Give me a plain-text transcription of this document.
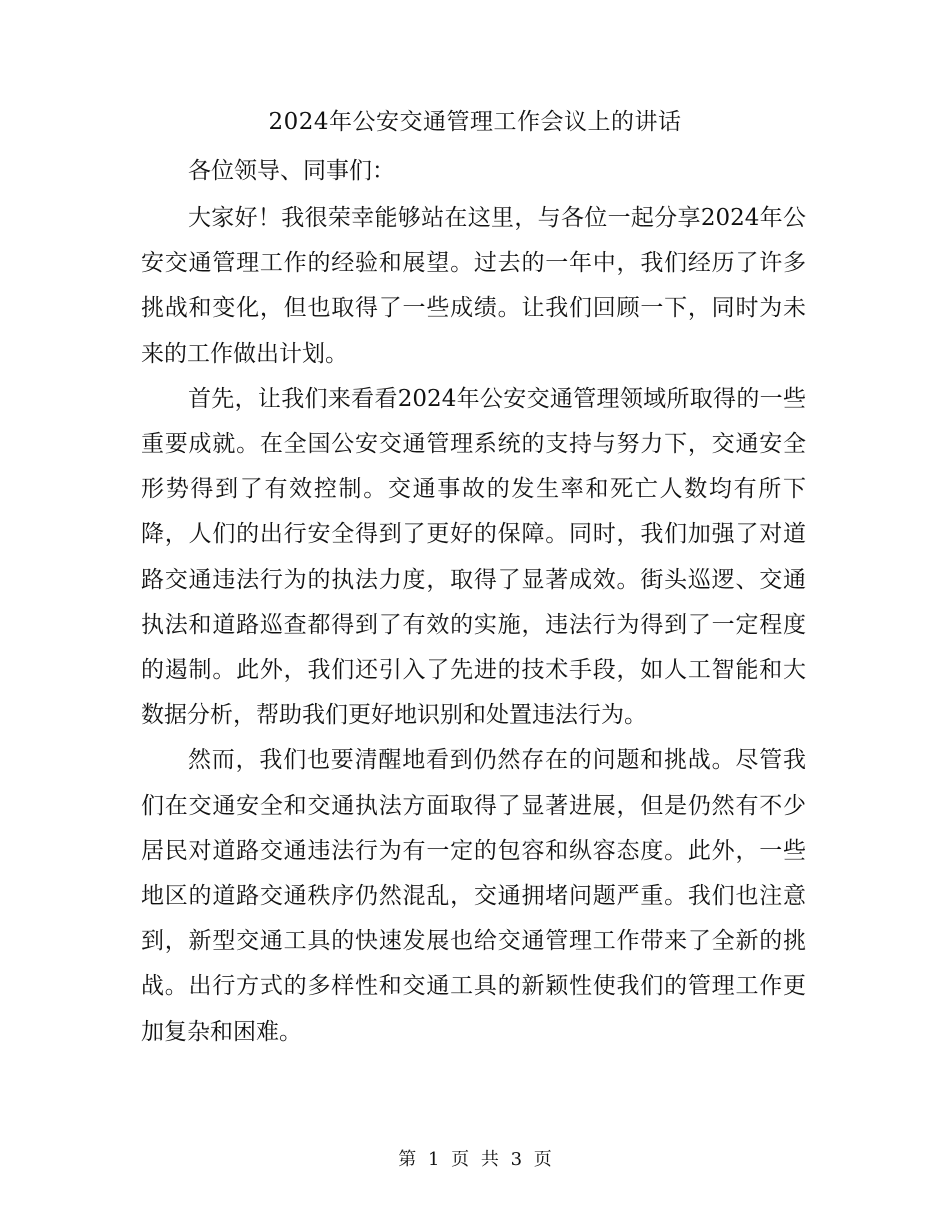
2024年公安交通管理工作会议上的讲话
各位领导、同事们：

大家好！我很荣幸能够站在这里，与各位一起分享2024年公安交通管理工作的经验和展望。过去的一年中，我们经历了许多挑战和变化，但也取得了一些成绩。让我们回顾一下，同时为未来的工作做出计划。

首先，让我们来看看2024年公安交通管理领域所取得的一些重要成就。在全国公安交通管理系统的支持与努力下，交通安全形势得到了有效控制。交通事故的发生率和死亡人数均有所下降，人们的出行安全得到了更好的保障。同时，我们加强了对道路交通违法行为的执法力度，取得了显著成效。街头巡逻、交通执法和道路巡查都得到了有效的实施，违法行为得到了一定程度的遏制。此外，我们还引入了先进的技术手段，如人工智能和大数据分析，帮助我们更好地识别和处置违法行为。

然而，我们也要清醒地看到仍然存在的问题和挑战。尽管我们在交通安全和交通执法方面取得了显著进展，但是仍然有不少居民对道路交通违法行为有一定的包容和纵容态度。此外，一些地区的道路交通秩序仍然混乱，交通拥堵问题严重。我们也注意到，新型交通工具的快速发展也给交通管理工作带来了全新的挑战。出行方式的多样性和交通工具的新颖性使我们的管理工作更加复杂和困难。

第 1 页 共 3 页
